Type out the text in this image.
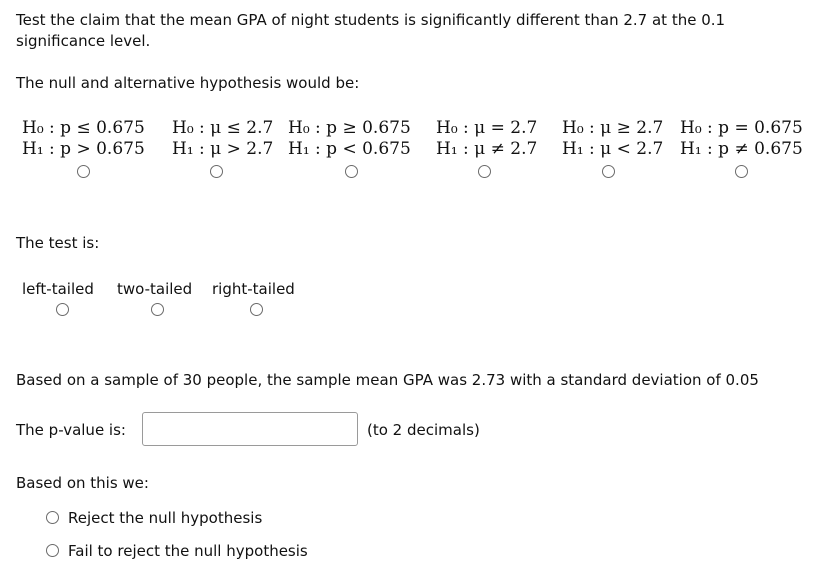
Test the claim that the mean GPA of night students is significantly different than 2.7 at the 0.1
significance level.
The null and alternative hypothesis would be:
H₀ : p ≤ 0.675
H₁ : p > 0.675
H₀ : μ ≤ 2.7
H₁ : μ > 2.7
H₀ : p ≥ 0.675
H₁ : p < 0.675
H₀ : μ = 2.7
H₁ : μ ≠ 2.7
H₀ : μ ≥ 2.7
H₁ : μ < 2.7
H₀ : p = 0.675
H₁ : p ≠ 0.675
The test is:
left-tailed two-tailed right-tailed
Based on a sample of 30 people, the sample mean GPA was 2.73 with a standard deviation of 0.05
The p-value is:	(to 2 decimals)
Based on this we:
Reject the null hypothesis
Fail to reject the null hypothesis
